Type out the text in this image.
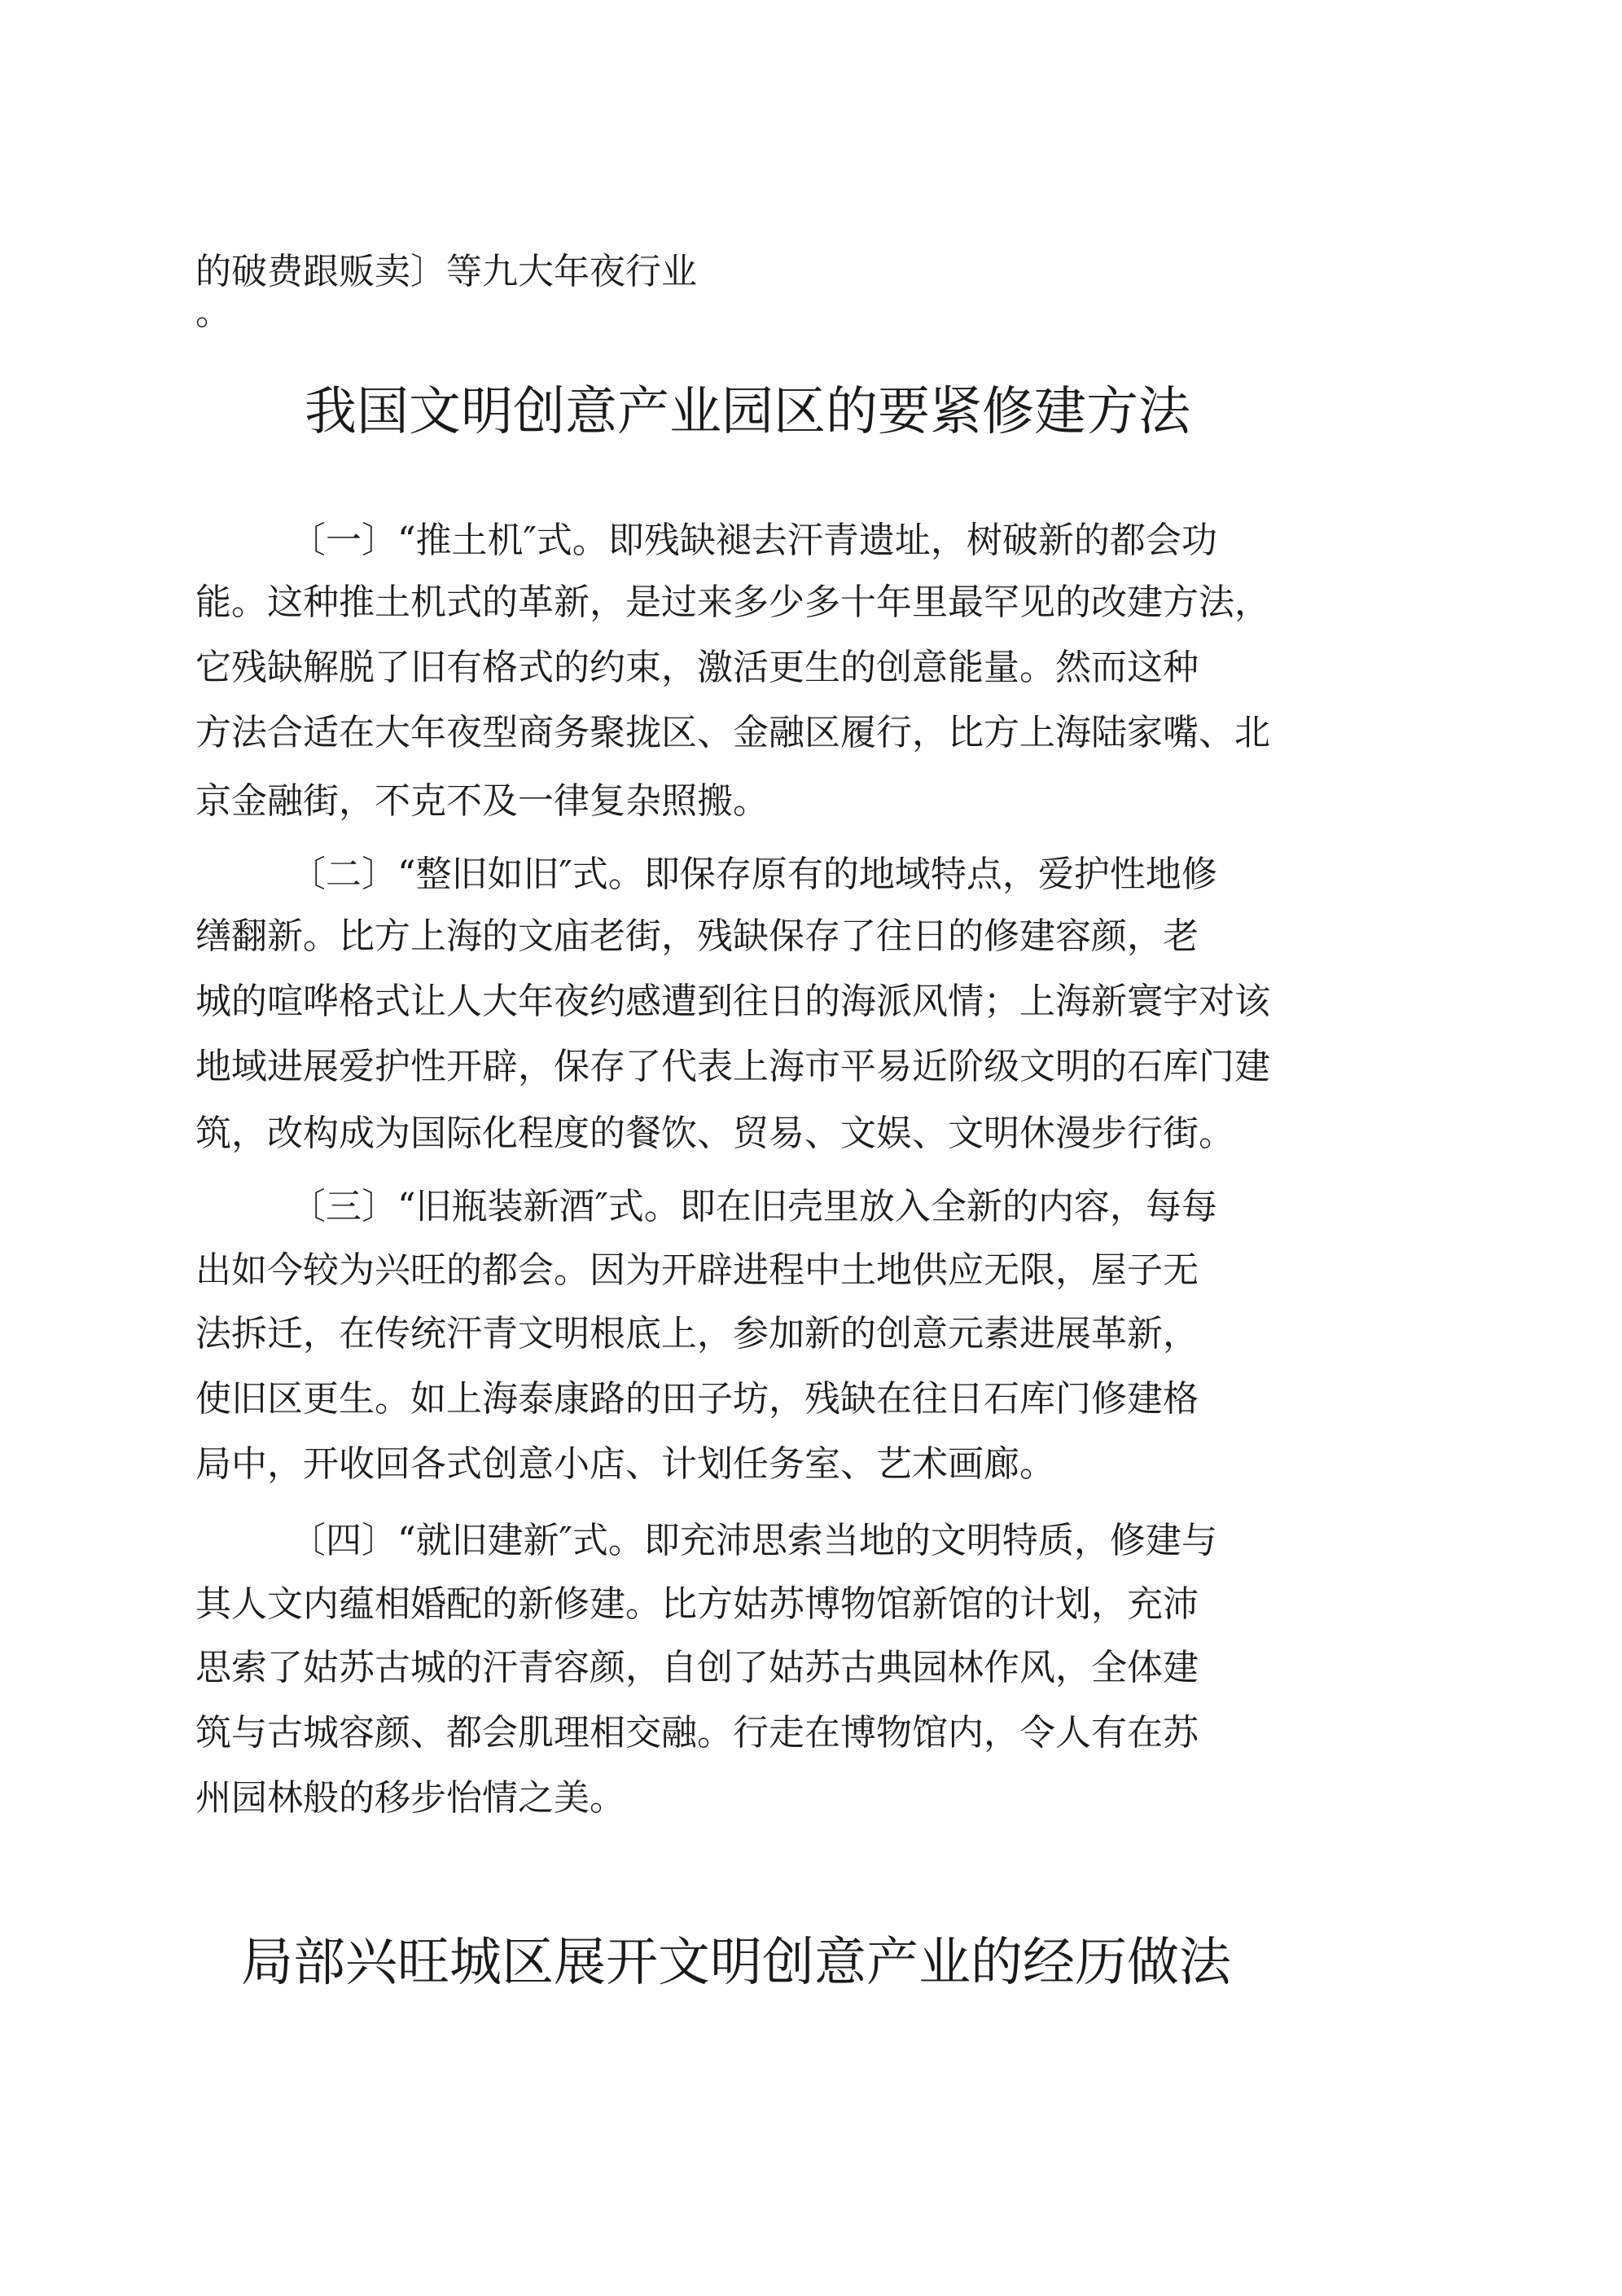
的破费跟贩卖〕等九大年夜行业
。
我国文明创意产业园区的要紧修建方法
〔一〕“推土机″式。即残缺褪去汗青遗址，树破新的都会功
能。这种推土机式的革新，是过来多少多十年里最罕见的改建方法，
它残缺解脱了旧有格式的约束，激活更生的创意能量。然而这种
方法合适在大年夜型商务聚拢区、金融区履行，比方上海陆家嘴、北
京金融街，不克不及一律复杂照搬。
〔二〕“整旧如旧″式。即保存原有的地域特点，爱护性地修
缮翻新。比方上海的文庙老街，残缺保存了往日的修建容颜，老
城的喧哗格式让人大年夜约感遭到往日的海派风情；上海新寰宇对该
地域进展爱护性开辟，保存了代表上海市平易近阶级文明的石库门建
筑，改构成为国际化程度的餐饮、贸易、文娱、文明休漫步行街。
〔三〕“旧瓶装新酒″式。即在旧壳里放入全新的内容，每每
出如今较为兴旺的都会。因为开辟进程中土地供应无限，屋子无
法拆迁，在传统汗青文明根底上，参加新的创意元素进展革新，
使旧区更生。如上海泰康路的田子坊，残缺在往日石库门修建格
局中，开收回各式创意小店、计划任务室、艺术画廊。
〔四〕“就旧建新″式。即充沛思索当地的文明特质，修建与
其人文内蕴相婚配的新修建。比方姑苏博物馆新馆的计划，充沛
思索了姑苏古城的汗青容颜，自创了姑苏古典园林作风，全体建
筑与古城容颜、都会肌理相交融。行走在博物馆内，令人有在苏
州园林般的移步怡情之美。
局部兴旺城区展开文明创意产业的经历做法
